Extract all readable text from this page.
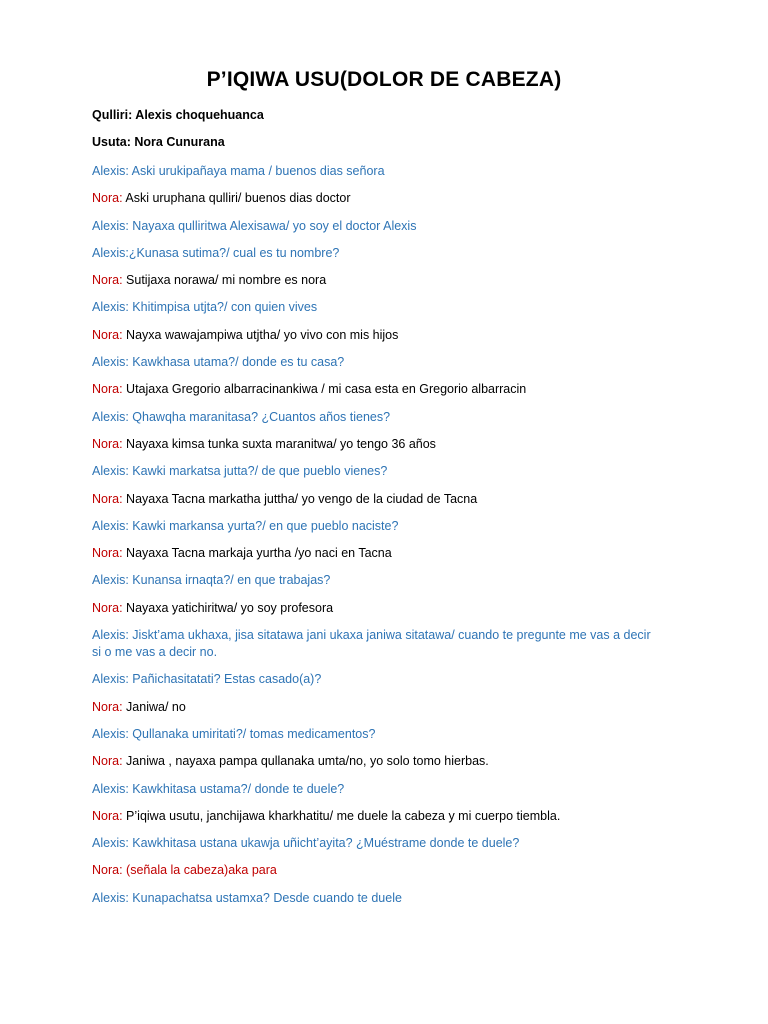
P’IQIWA USU(DOLOR DE CABEZA)
Qulliri: Alexis choquehuanca
Usuta: Nora Cunurana
Alexis: Aski urukipañaya mama / buenos dias señora
Nora: Aski uruphana qulliri/ buenos dias doctor
Alexis: Nayaxa qulliritwa Alexisawa/ yo soy el doctor Alexis
Alexis:¿Kunasa sutima?/ cual es tu nombre?
Nora: Sutijaxa norawa/ mi nombre es nora
Alexis: Khitimpisa utjta?/ con quien vives
Nora: Nayxa wawajampiwa utjtha/ yo vivo con mis hijos
Alexis: Kawkhasa utama?/ donde es tu casa?
Nora: Utajaxa Gregorio albarracinankiwa / mi casa esta en Gregorio albarracin
Alexis: Qhawqha maranitasa? ¿Cuantos años tienes?
Nora: Nayaxa kimsa tunka suxta maranitwa/ yo tengo 36 años
Alexis: Kawki markatsa jutta?/ de que pueblo vienes?
Nora: Nayaxa Tacna markatha juttha/ yo vengo de la ciudad de Tacna
Alexis: Kawki markansa yurta?/ en que pueblo naciste?
Nora: Nayaxa Tacna markaja yurtha /yo naci en Tacna
Alexis: Kunansa irnaqta?/ en que trabajas?
Nora: Nayaxa yatichiritwa/ yo soy profesora
Alexis: Jiskt’ama ukhaxa, jisa sitatawa jani ukaxa janiwa sitatawa/ cuando te pregunte me vas a decir si o me vas a decir no.
Alexis: Pañichasitatati? Estas casado(a)?
Nora: Janiwa/ no
Alexis: Qullanaka umiritati?/ tomas medicamentos?
Nora: Janiwa , nayaxa pampa qullanaka umta/no, yo solo tomo hierbas.
Alexis: Kawkhitasa ustama?/ donde te duele?
Nora: P’iqiwa usutu, janchijawa kharkhatitu/ me duele la cabeza y mi cuerpo tiembla.
Alexis: Kawkhitasa ustana ukawja uñicht’ayita? ¿Muéstrame donde te duele?
Nora: (señala la cabeza)aka para
Alexis: Kunapachatsa ustamxa? Desde cuando te duele
